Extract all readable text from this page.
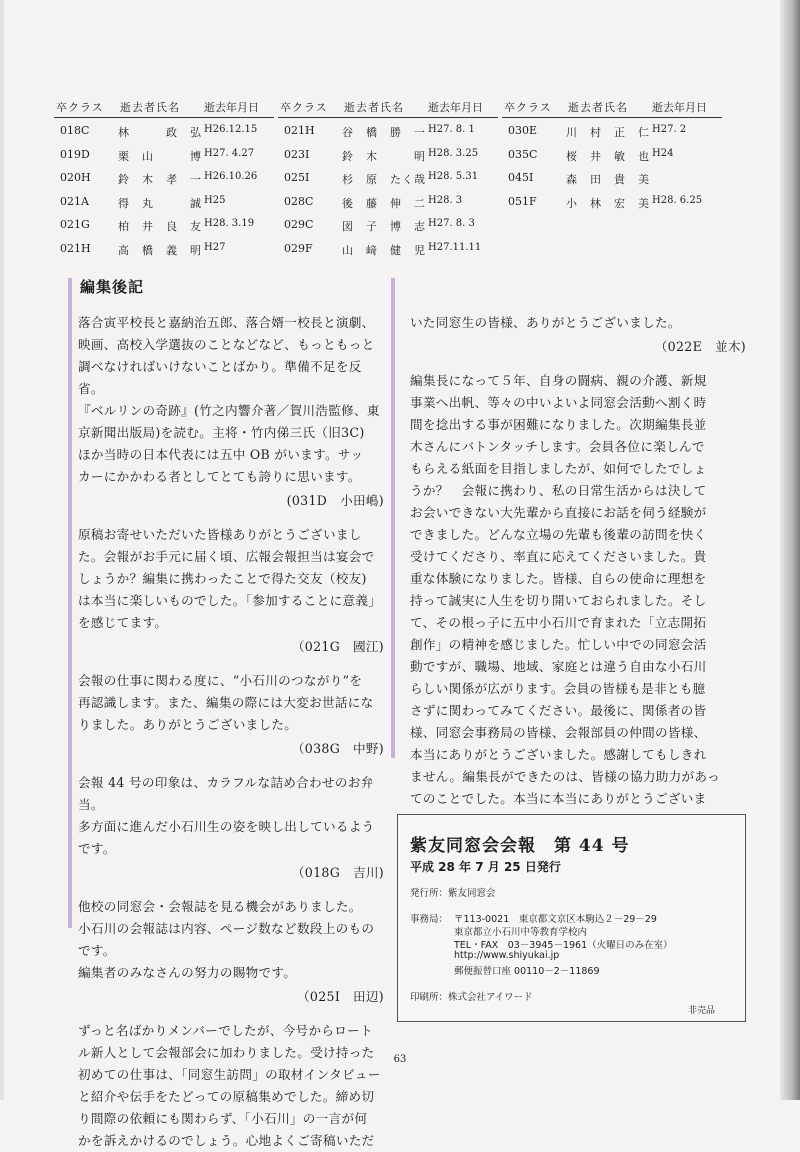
卒クラス 逝去者氏名 逝去年月日
018C	林　　　政　弘 H26.12.15
019D	栗　山　　　博 H27. 4.27
020H 鈴　木　孝　一 H26.10.26
021A	得　丸　　　誠 H25
021G	柏　井　良　友 H28. 3.19
021H 高　橋　義　明 H27
卒クラス 逝去者氏名 逝去年月日
021H 谷　橋　勝　一 H27. 8. 1
023I	鈴　木　　　明 H28. 3.25
025I	杉　原　たく哉 H28. 5.31
028C	後　藤　伸　二 H28. 3
029C	図　子　博　志 H27. 8. 3
029F	山　﨑　健　児 H27.11.11
卒クラス 逝去者氏名 逝去年月日
030E	川　村　正　仁 H27. 2
035C	桜　井　敏　也 H24
045I	森　田　貴　美
051F	小　林　宏　美 H28. 6.25
編集後記

落合寅平校長と嘉納治五郎、落合婿一校長と演劇、
映画、高校入学選抜のことなどなど、もっともっと
調べなければいけないことばかり。準備不足を反省。
『ベルリンの奇跡』(竹之内響介著／賀川浩監修、東
京新聞出版局)を読む。主将・竹内俤三氏（旧3C)
ほか当時の日本代表には五中 OB がいます。サッ
カーにかかわる者としてとても誇りに思います。

(031D　小田嶋)

原稿お寄せいただいた皆様ありがとうございまし
た。会報がお手元に届く頃、広報会報担当は宴会で
しょうか？編集に携わったことで得た交友（校友)
は本当に楽しいものでした。「参加することに意義」
を感じてます。

（021G　國江)

会報の仕事に関わる度に、“小石川のつながり”を
再認識します。また、編集の際には大変お世話にな
りました。ありがとうございました。

（038G　中野)

会報 44 号の印象は、カラフルな詰め合わせのお弁
当。
多方面に進んだ小石川生の姿を映し出しているよう
です。

（018G　吉川)

他校の同窓会・会報誌を見る機会がありました。
小石川の会報誌は内容、ページ数など数段上のもの
です。
編集者のみなさんの努力の賜物です。

（025I　田辺)

ずっと名ばかりメンバーでしたが、今号からロート
ル新人として会報部会に加わりました。受け持った
初めての仕事は、「同窓生訪問」の取材インタビュー
と紹介や伝手をたどっての原稿集めでした。締め切
り間際の依頼にも関わらず、「小石川」の一言が何
かを訴えかけるのでしょう。心地よくご寄稿いただ

いた同窓生の皆様、ありがとうございました。

（022E　並木)

編集長になって５年、自身の闘病、親の介護、新規
事業へ出帆、等々の中いよいよ同窓会活動へ割く時
間を捻出する事が困難になりました。次期編集長並
木さんにバトンタッチします。会員各位に楽しんで
もらえる紙面を目指しましたが、如何でしたでしょ
うか？　会報に携わり、私の日常生活からは決して
お会いできない大先輩から直接にお話を伺う経験が
できました。どんな立場の先輩も後輩の訪問を快く
受けてくださり、率直に応えてくださいました。貴
重な体験になりました。皆様、自らの使命に理想を
持って誠実に人生を切り開いておられました。そし
て、その根っ子に五中小石川で育まれた「立志開拓
創作」の精神を感じました。忙しい中での同窓会活
動ですが、職場、地域、家庭とは違う自由な小石川
らしい関係が広がります。会員の皆様も是非とも臆
さずに関わってみてください。最後に、関係者の皆
様、同窓会事務局の皆様、会報部員の仲間の皆様、
本当にありがとうございました。感謝してもしきれ
ません。編集長ができたのは、皆様の協力助力があっ
てのことでした。本当に本当にありがとうございま

紫友同窓会会報　第 44 号
平成 28 年 7 月 25 日発行
発行所：紫友同窓会
事務局： 〒113-0021　東京都文京区本駒込２－29－29
東京都立小石川中等教育学校内
TEL・FAX　03－3945－1961（火曜日のみ在室）
http://www.shiyukai.jp
郵便振替口座 00110－2－11869
印刷所：株式会社アイワード
非売品
63
